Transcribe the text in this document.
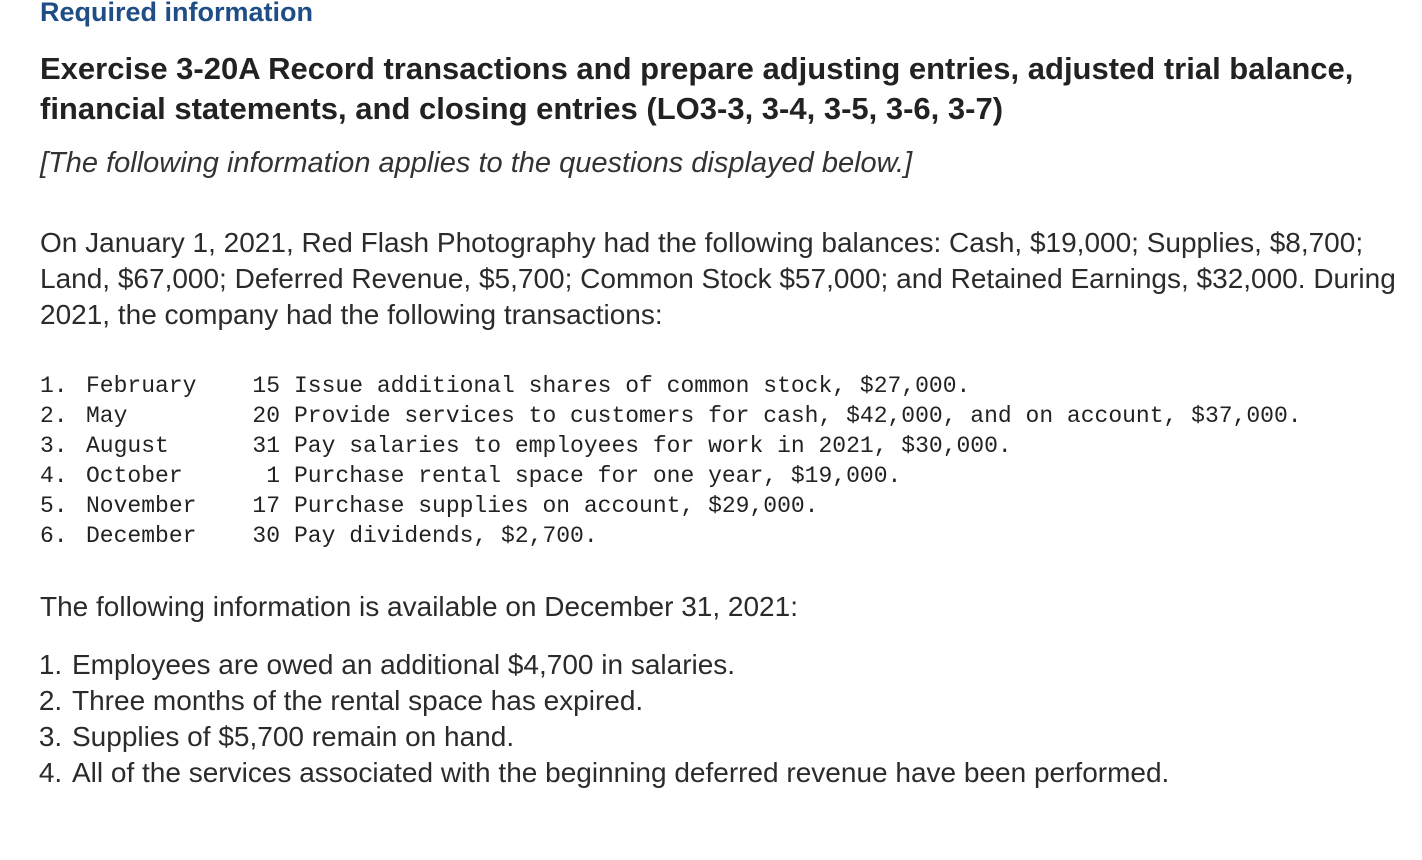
Required information
Exercise 3-20A Record transactions and prepare adjusting entries, adjusted trial balance, financial statements, and closing entries (LO3-3, 3-4, 3-5, 3-6, 3-7)
[The following information applies to the questions displayed below.]
On January 1, 2021, Red Flash Photography had the following balances: Cash, $19,000; Supplies, $8,700; Land, $67,000; Deferred Revenue, $5,700; Common Stock $57,000; and Retained Earnings, $32,000. During 2021, the company had the following transactions:
1.	February	15	Issue additional shares of common stock, $27,000.
2.	May	20	Provide services to customers for cash, $42,000, and on account, $37,000.

3.	August	31	Pay salaries to employees for work in 2021, $30,000.
4.	October	1	Purchase rental space for one year, $19,000.
5.	November	17	Purchase supplies on account, $29,000.
6.	December	30	Pay dividends, $2,700.
The following information is available on December 31, 2021:
1. Employees are owed an additional $4,700 in salaries.
2. Three months of the rental space has expired.
3. Supplies of $5,700 remain on hand.
4. All of the services associated with the beginning deferred revenue have been performed.
